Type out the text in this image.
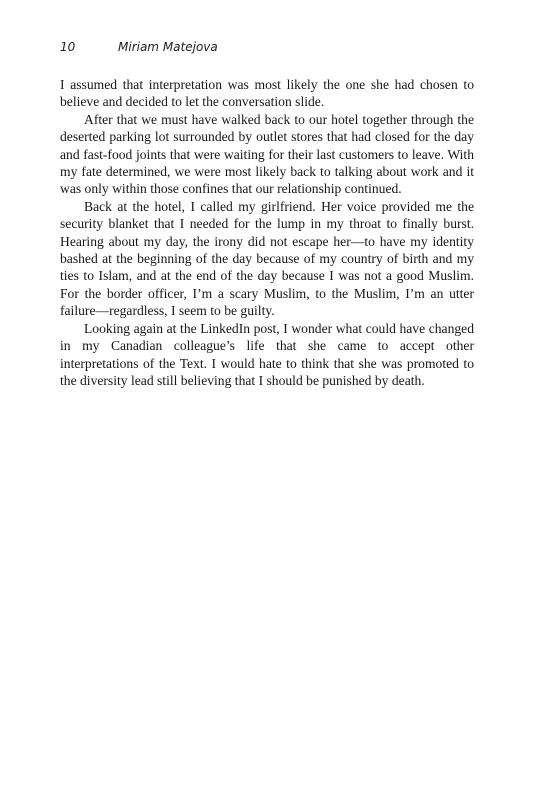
10	Miriam Matejova

I assumed that interpretation was most likely the one she had chosen to believe and decided to let the conversation slide.

After that we must have walked back to our hotel together through the deserted parking lot surrounded by outlet stores that had closed for the day and fast-food joints that were waiting for their last customers to leave. With my fate determined, we were most likely back to talking about work and it was only within those confines that our relationship continued.

Back at the hotel, I called my girlfriend. Her voice provided me the security blanket that I needed for the lump in my throat to finally burst. Hearing about my day, the irony did not escape her—to have my identity bashed at the beginning of the day because of my country of birth and my ties to Islam, and at the end of the day because I was not a good Muslim. For the border officer, I’m a scary Muslim, to the Muslim, I’m an utter failure—regardless, I seem to be guilty.

Looking again at the LinkedIn post, I wonder what could have changed in my Canadian colleague’s life that she came to accept other interpretations of the Text. I would hate to think that she was promoted to the diversity lead still believing that I should be punished by death.
